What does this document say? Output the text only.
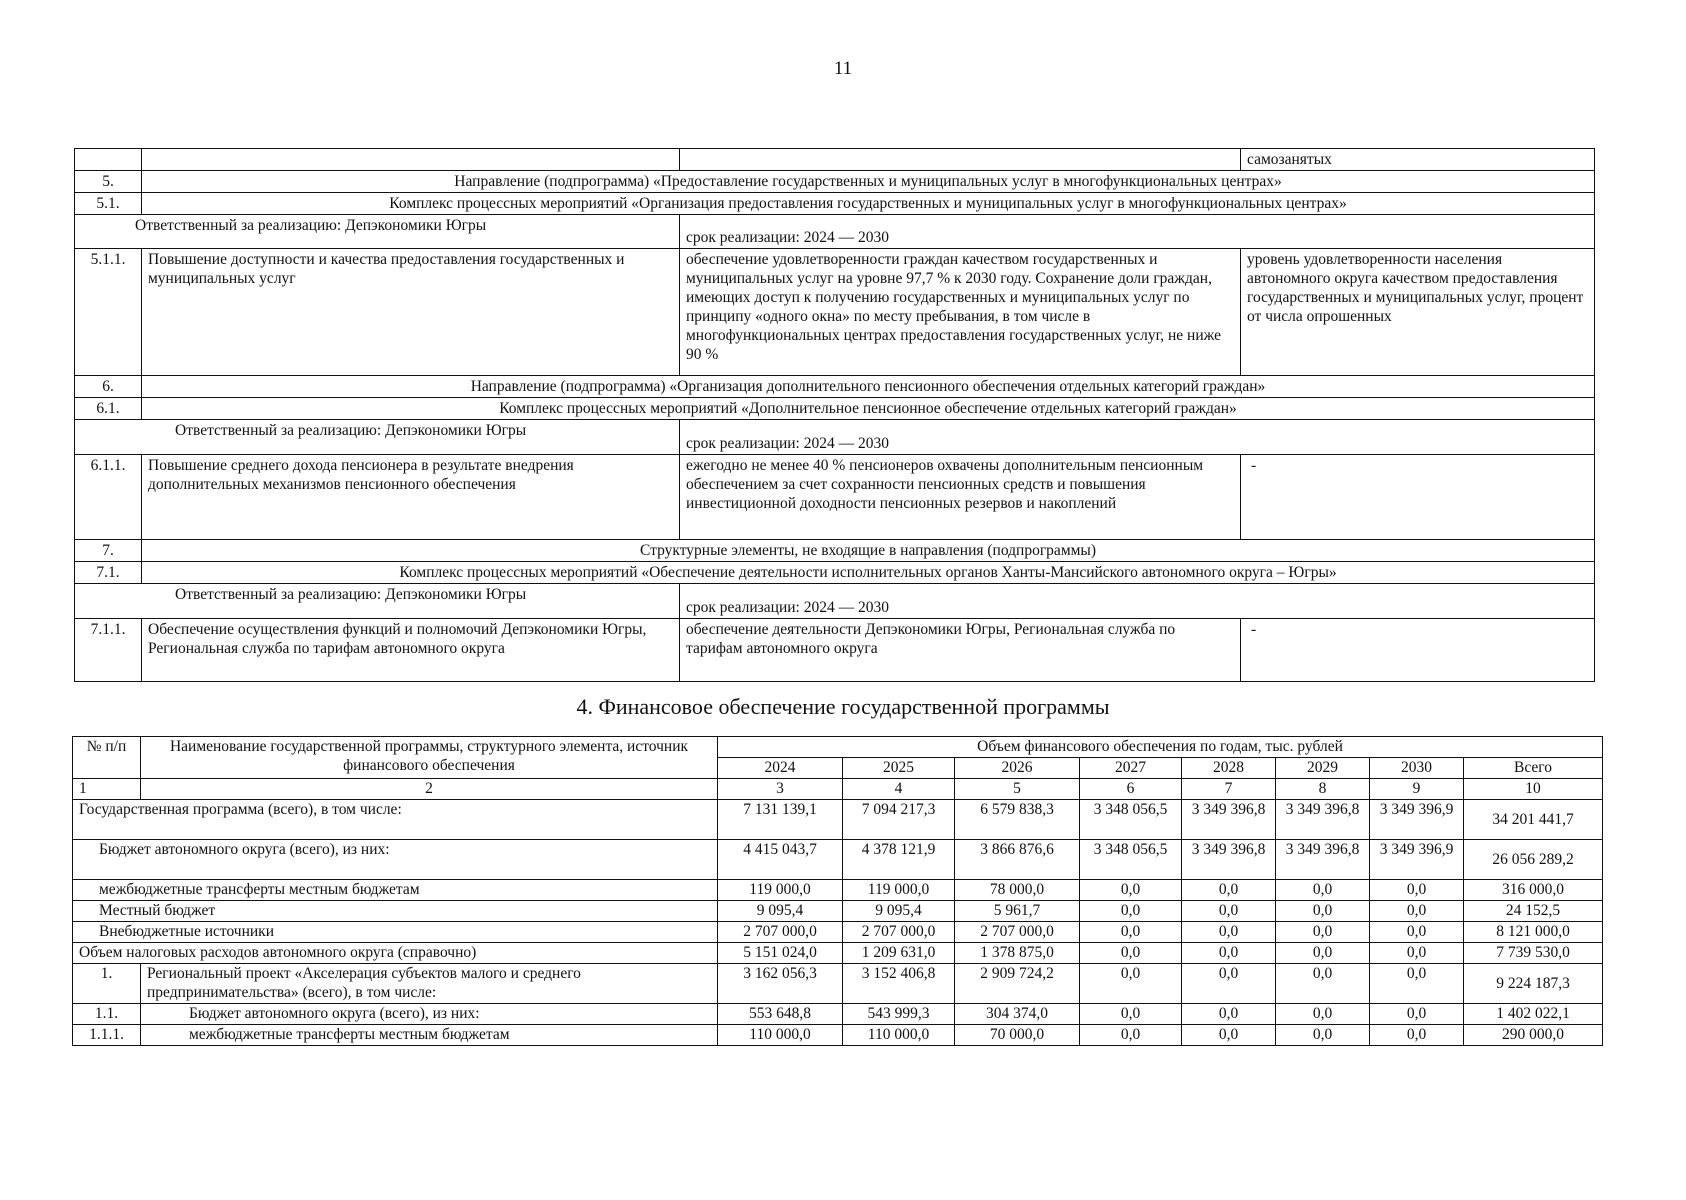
11
			самозанятых
5.	Направление (подпрограмма) «Предоставление государственных и муниципальных услуг в многофункциональных центрах»		
5.1.	Комплекс процессных мероприятий «Организация предоставления государственных и муниципальных услуг в многофункциональных центрах»		
Ответственный за реализацию: Депэкономики Югры		срок реализации: 2024 — 2030	
5.1.1.	Повышение доступности и качества предоставления государственных и муниципальных услуг	обеспечение удовлетворенности граждан качеством государственных и муниципальных услуг на уровне 97,7 % к 2030 году. Сохранение доли граждан, имеющих доступ к получению государственных и муниципальных услуг по принципу «одного окна» по месту пребывания, в том числе в многофункциональных центрах предоставления государственных услуг, не ниже 90 %	уровень удовлетворенности населения автономного округа качеством предоставления государственных и муниципальных услуг, процент от числа опрошенных
6.	Направление (подпрограмма) «Организация дополнительного пенсионного обеспечения отдельных категорий граждан»		
6.1.	Комплекс процессных мероприятий «Дополнительное пенсионное обеспечение отдельных категорий граждан»		
Ответственный за реализацию: Депэкономики Югры		срок реализации: 2024 — 2030	
6.1.1.	Повышение среднего дохода пенсионера в результате внедрения дополнительных механизмов пенсионного обеспечения	ежегодно не менее 40 % пенсионеров охвачены дополнительным пенсионным обеспечением за счет сохранности пенсионных средств и повышения инвестиционной доходности пенсионных резервов и накоплений	-
7.	Структурные элементы, не входящие в направления (подпрограммы)		
7.1.	Комплекс процессных мероприятий «Обеспечение деятельности исполнительных органов Ханты-Мансийского автономного округа – Югры»		
Ответственный за реализацию: Депэкономики Югры		срок реализации: 2024 — 2030	
7.1.1.	Обеспечение осуществления функций и полномочий Депэкономики Югры, Региональная служба по тарифам автономного округа	обеспечение деятельности Депэкономики Югры, Региональная служба по тарифам автономного округа	-
4. Финансовое обеспечение государственной программы
№ п/п	Наименование государственной программы, структурного элемента, источник финансового обеспечения	Объем финансового обеспечения по годам, тыс. рублей							
		2024	2025	2026	2027	2028	2029	2030	Всего
1	2	3	4	5	6	7	8	9	10
Государственная программа (всего), в том числе:		7 131 139,1	7 094 217,3	6 579 838,3	3 348 056,5	3 349 396,8	3 349 396,8	3 349 396,9	34 201 441,7
Бюджет автономного округа (всего), из них:		4 415 043,7	4 378 121,9	3 866 876,6	3 348 056,5	3 349 396,8	3 349 396,8	3 349 396,9	26 056 289,2
межбюджетные трансферты местным бюджетам		119 000,0	119 000,0	78 000,0	0,0	0,0	0,0	0,0	316 000,0
Местный бюджет		9 095,4	9 095,4	5 961,7	0,0	0,0	0,0	0,0	24 152,5
Внебюджетные источники		2 707 000,0	2 707 000,0	2 707 000,0	0,0	0,0	0,0	0,0	8 121 000,0
Объем налоговых расходов автономного округа (справочно)		5 151 024,0	1 209 631,0	1 378 875,0	0,0	0,0	0,0	0,0	7 739 530,0
1.	Региональный проект «Акселерация субъектов малого и среднего предпринимательства» (всего), в том числе:	3 162 056,3	3 152 406,8	2 909 724,2	0,0	0,0	0,0	0,0	9 224 187,3
1.1.	Бюджет автономного округа (всего), из них:	553 648,8	543 999,3	304 374,0	0,0	0,0	0,0	0,0	1 402 022,1
1.1.1.	межбюджетные трансферты местным бюджетам	110 000,0	110 000,0	70 000,0	0,0	0,0	0,0	0,0	290 000,0
